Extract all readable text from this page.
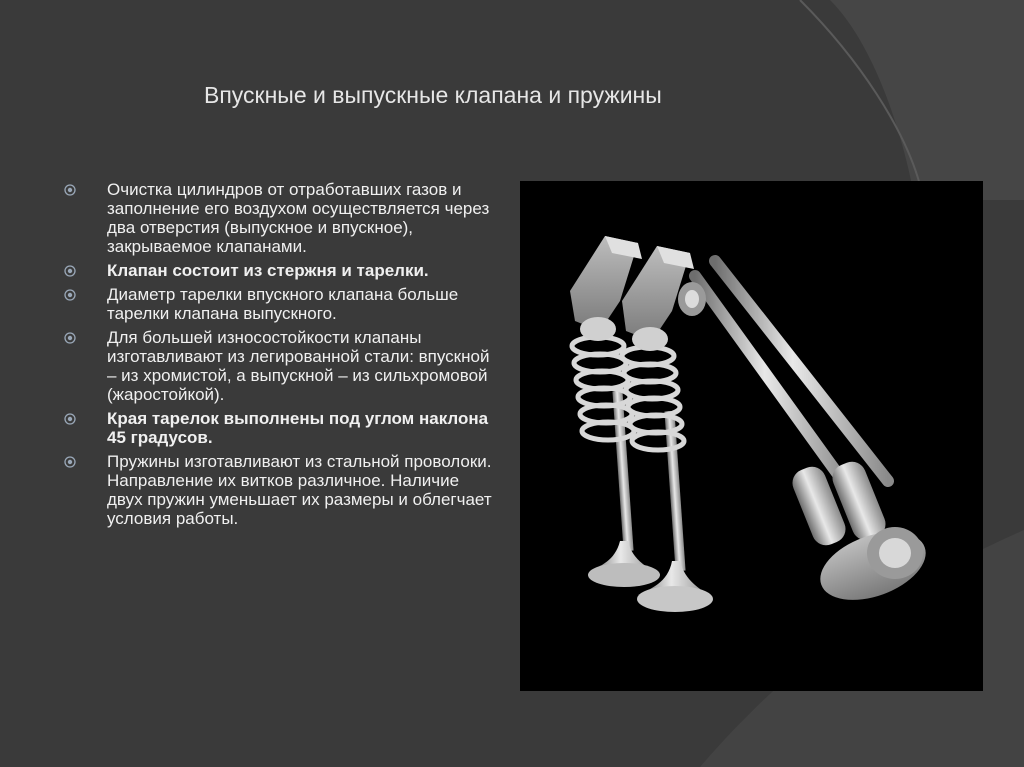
Впускные и выпускные клапана и пружины
Очистка цилиндров от отработавших газов и заполнение его воздухом осуществляется через два отверстия (выпускное и впускное), закрываемое клапанами.
Клапан состоит из стержня и тарелки.
Диаметр тарелки впускного клапана больше тарелки клапана выпускного.
Для большей износостойкости клапаны изготавливают из легированной стали: впускной – из хромистой, а выпускной – из сильхромовой (жаростойкой).
Края тарелок выполнены под углом наклона 45 градусов.
Пружины изготавливают из стальной проволоки. Направление их витков различное. Наличие двух пружин уменьшает их размеры и облегчает условия работы.
